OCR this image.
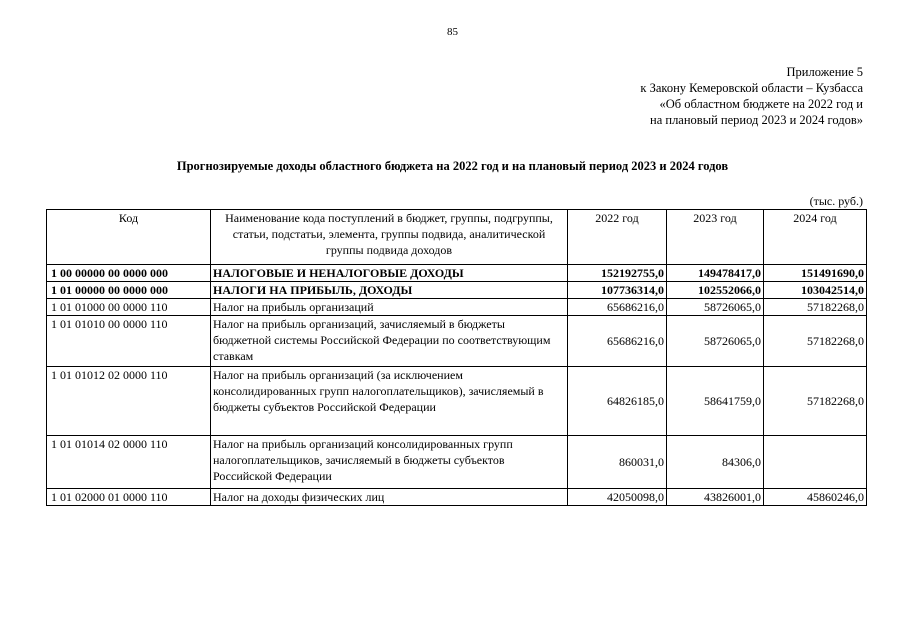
85
Приложение 5
к Закону Кемеровской области – Кузбасса
«Об областном бюджете на 2022 год и
на плановый период 2023 и 2024 годов»
Прогнозируемые доходы областного бюджета на 2022 год и на плановый период 2023 и 2024 годов
(тыс. руб.)
Код	Наименование кода поступлений в бюджет, группы, подгруппы, статьи, подстатьи, элемента, группы подвида, аналитической группы подвида доходов	2022 год	2023 год	2024 год
1 00 00000 00 0000 000	НАЛОГОВЫЕ И НЕНАЛОГОВЫЕ ДОХОДЫ	152192755,0	149478417,0	151491690,0
1 01 00000 00 0000 000	НАЛОГИ НА ПРИБЫЛЬ, ДОХОДЫ	107736314,0	102552066,0	103042514,0
1 01 01000 00 0000 110	Налог на прибыль организаций	65686216,0	58726065,0	57182268,0
1 01 01010 00 0000 110	Налог на прибыль организаций, зачисляемый в бюджеты бюджетной системы Российской Федерации по соответствующим ставкам	65686216,0	58726065,0	57182268,0
1 01 01012 02 0000 110	Налог на прибыль организаций (за исключением консолидированных групп налогоплательщиков), зачисляемый в бюджеты субъектов Российской Федерации	64826185,0	58641759,0	57182268,0
1 01 01014 02 0000 110	Налог на прибыль организаций консолидированных групп налогоплательщиков, зачисляемый в бюджеты субъектов Российской Федерации	860031,0	84306,0	
1 01 02000 01 0000 110	Налог на доходы физических лиц	42050098,0	43826001,0	45860246,0
